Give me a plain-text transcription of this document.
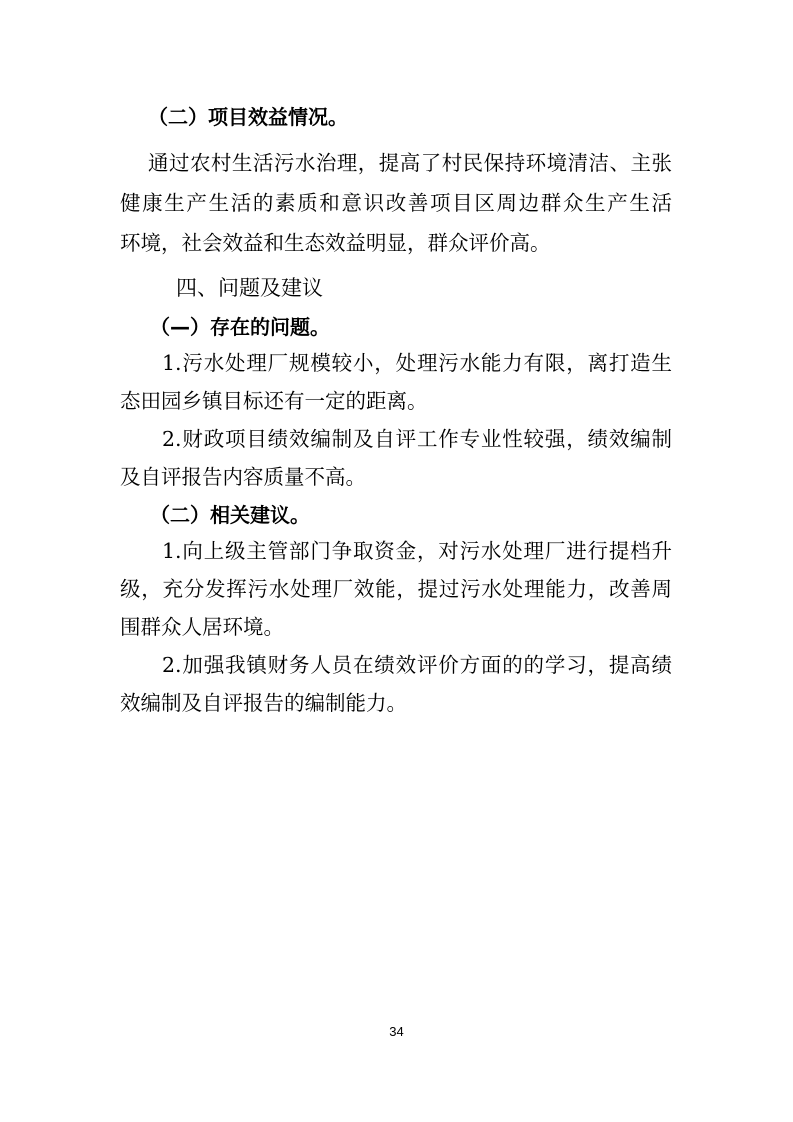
（二）项目效益情况。
通过农村生活污水治理，提高了村民保持环境清洁、主张
健康生产生活的素质和意识改善项目区周边群众生产生活
环境，社会效益和生态效益明显，群众评价高。
四、问题及建议
（—）存在的问题。
1.污水处理厂规模较小，处理污水能力有限，离打造生
态田园乡镇目标还有一定的距离。
2.财政项目绩效编制及自评工作专业性较强，绩效编制
及自评报告内容质量不高。
（二）相关建议。
1.向上级主管部门争取资金，对污水处理厂进行提档升
级，充分发挥污水处理厂效能，提过污水处理能力，改善周
围群众人居环境。
2.加强我镇财务人员在绩效评价方面的的学习，提高绩
效编制及自评报告的编制能力。
34
